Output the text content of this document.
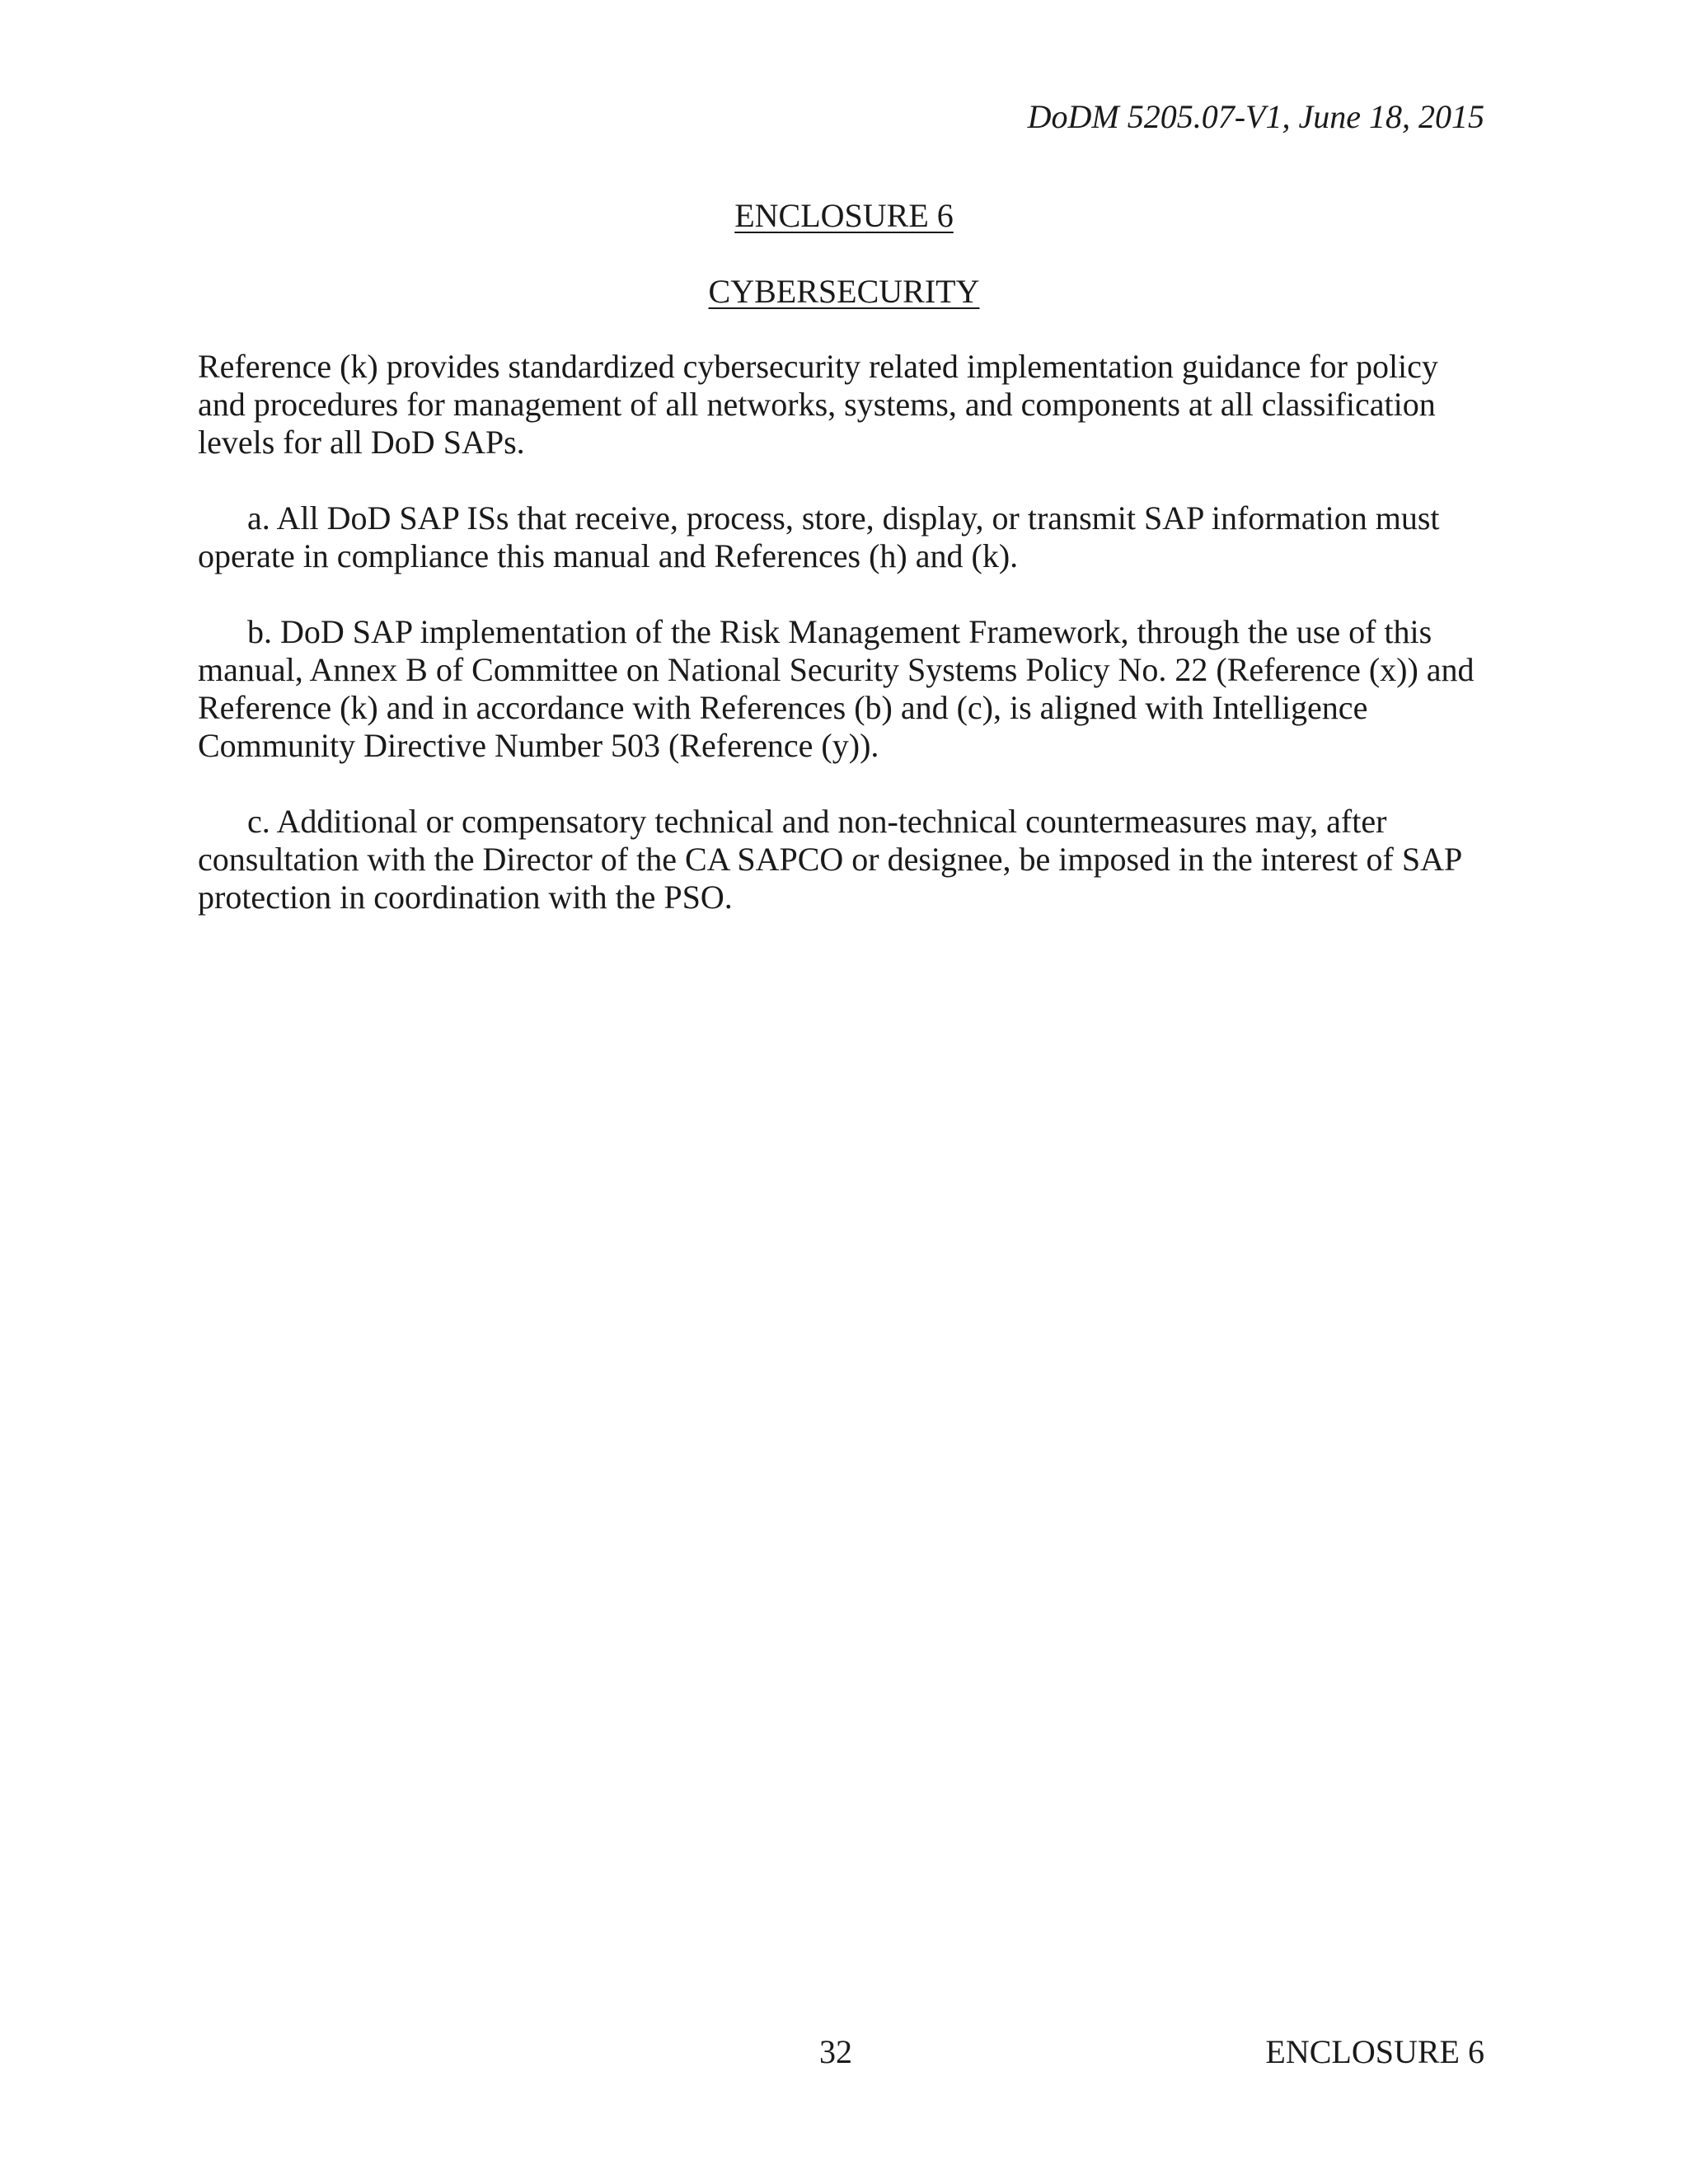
DoDM 5205.07-V1, June 18, 2015
ENCLOSURE 6
CYBERSECURITY

Reference (k) provides standardized cybersecurity related implementation guidance for policy and procedures for management of all networks, systems, and components at all classification levels for all DoD SAPs.

a. All DoD SAP ISs that receive, process, store, display, or transmit SAP information must operate in compliance this manual and References (h) and (k).

b. DoD SAP implementation of the Risk Management Framework, through the use of this manual, Annex B of Committee on National Security Systems Policy No. 22 (Reference (x)) and Reference (k) and in accordance with References (b) and (c), is aligned with Intelligence Community Directive Number 503 (Reference (y)).

c. Additional or compensatory technical and non-technical countermeasures may, after consultation with the Director of the CA SAPCO or designee, be imposed in the interest of SAP protection in coordination with the PSO.

32	ENCLOSURE 6
